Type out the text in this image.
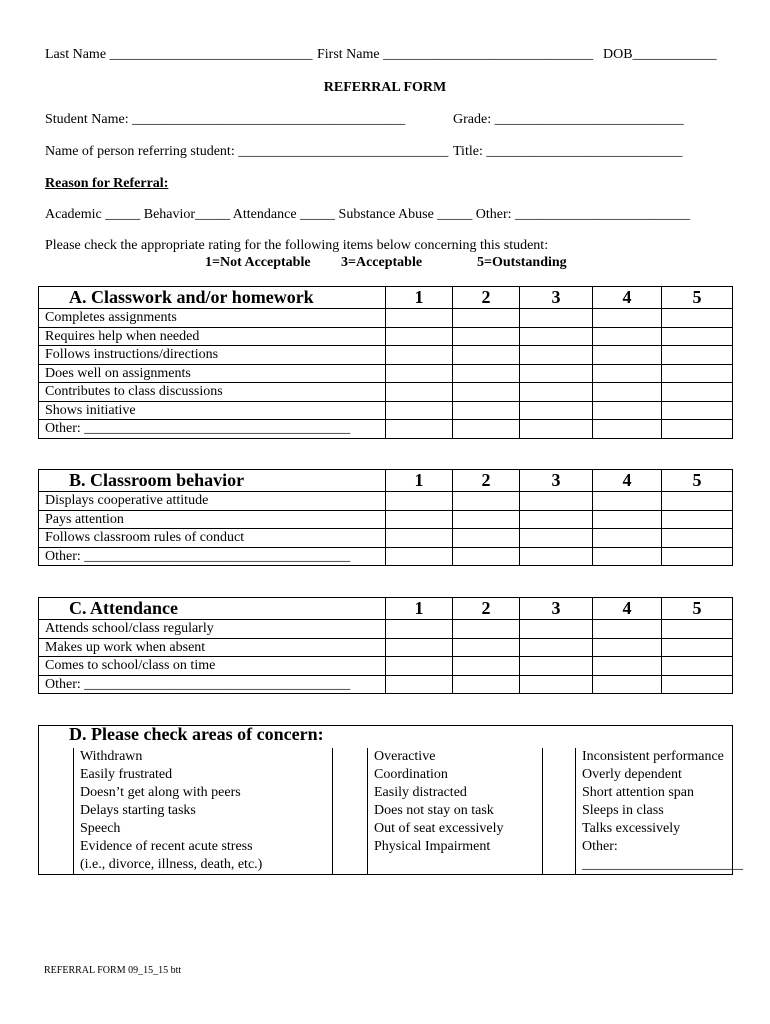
Last Name _____________________________ First Name ______________________________ DOB____________
REFERRAL FORM
Student Name: _______________________________________	Grade: ___________________________
Name of person referring student: ______________________________ Title: ____________________________
Reason for Referral:
Academic _____ Behavior_____ Attendance _____ Substance Abuse _____ Other: _________________________
Please check the appropriate rating for the following items below concerning this student:
1=Not Acceptable 3=Acceptable	5=Outstanding
A. Classwork and/or homework	1	2	3	4	5
Completes assignments					
Requires help when needed					
Follows instructions/directions					
Does well on assignments					
Contributes to class discussions					
Shows initiative					
Other: ______________________________________					
B. Classroom behavior	1	2	3	4	5
Displays cooperative attitude					
Pays attention					
Follows classroom rules of conduct					
Other: ______________________________________					
C. Attendance	1	2	3	4	5
Attends school/class regularly					
Makes up work when absent					
Comes to school/class on time					
Other: ______________________________________					
D. Please check areas of concern:					
	Withdrawn		Overactive		Inconsistent performance
	Easily frustrated		Coordination		Overly dependent
	Doesn’t get along with peers		Easily distracted		Short attention span
	Delays starting tasks		Does not stay on task		Sleeps in class
	Speech		Out of seat excessively		Talks excessively
	Evidence of recent acute stress		Physical Impairment		Other:
	(i.e., divorce, illness, death, etc.)				_______________________
REFERRAL FORM 09_15_15 btt
